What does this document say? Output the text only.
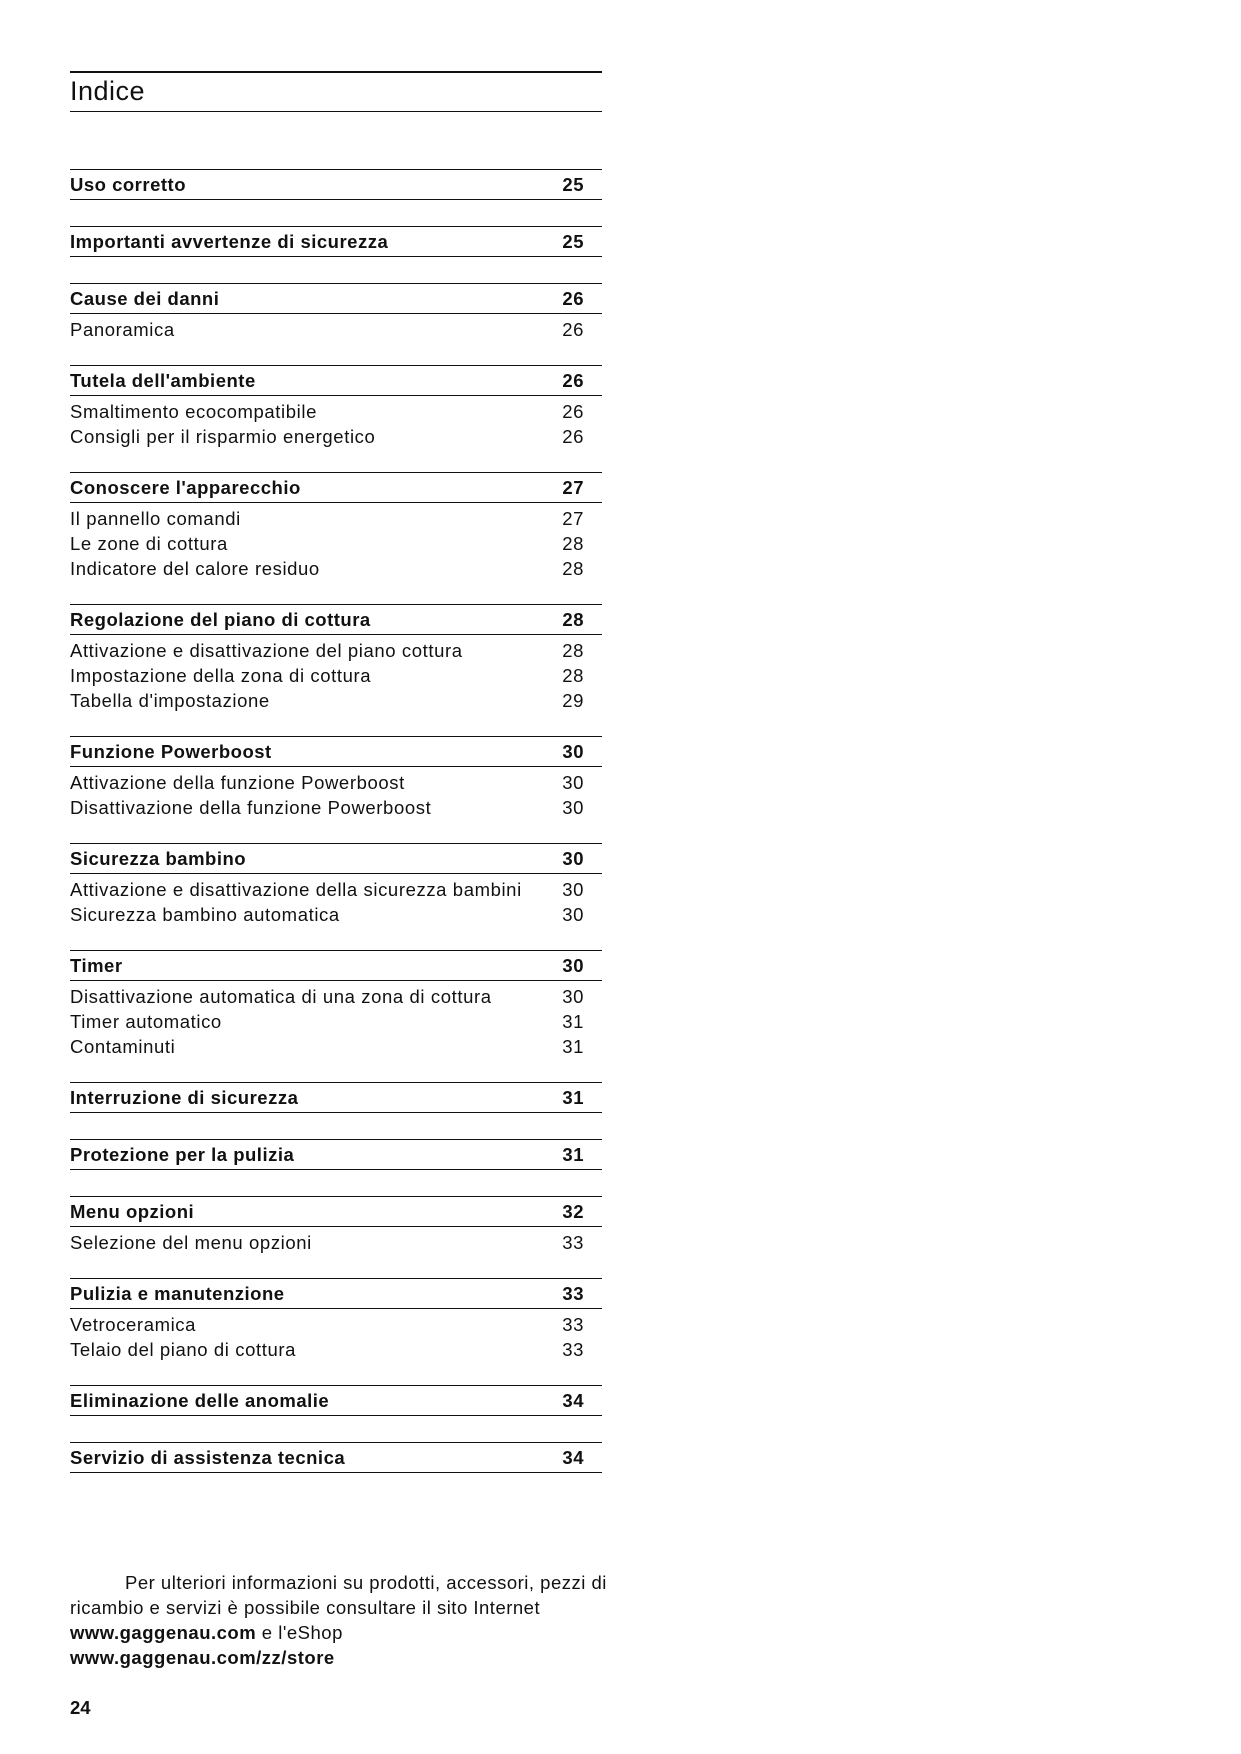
Indice
Uso corretto	25
Importanti avvertenze di sicurezza	25
Cause dei danni	26
Panoramica	26
Tutela dell'ambiente	26
Smaltimento ecocompatibile	26
Consigli per il risparmio energetico	26
Conoscere l'apparecchio	27
Il pannello comandi	27
Le zone di cottura	28
Indicatore del calore residuo	28
Regolazione del piano di cottura	28
Attivazione e disattivazione del piano cottura	28
Impostazione della zona di cottura	28
Tabella d'impostazione	29
Funzione Powerboost	30
Attivazione della funzione Powerboost	30
Disattivazione della funzione Powerboost	30
Sicurezza bambino	30
Attivazione e disattivazione della sicurezza bambini 30
Sicurezza bambino automatica	30
Timer	30
Disattivazione automatica di una zona di cottura	30
Timer automatico	31
Contaminuti	31
Interruzione di sicurezza	31
Protezione per la pulizia	31
Menu opzioni	32
Selezione del menu opzioni	33
Pulizia e manutenzione	33
Vetroceramica	33
Telaio del piano di cottura	33
Eliminazione delle anomalie	34
Servizio di assistenza tecnica	34
Per ulteriori informazioni su prodotti, accessori, pezzi di ricambio e servizi è possibile consultare il sito Internet www.gaggenau.com e l'eShop www.gaggenau.com/zz/store
24
